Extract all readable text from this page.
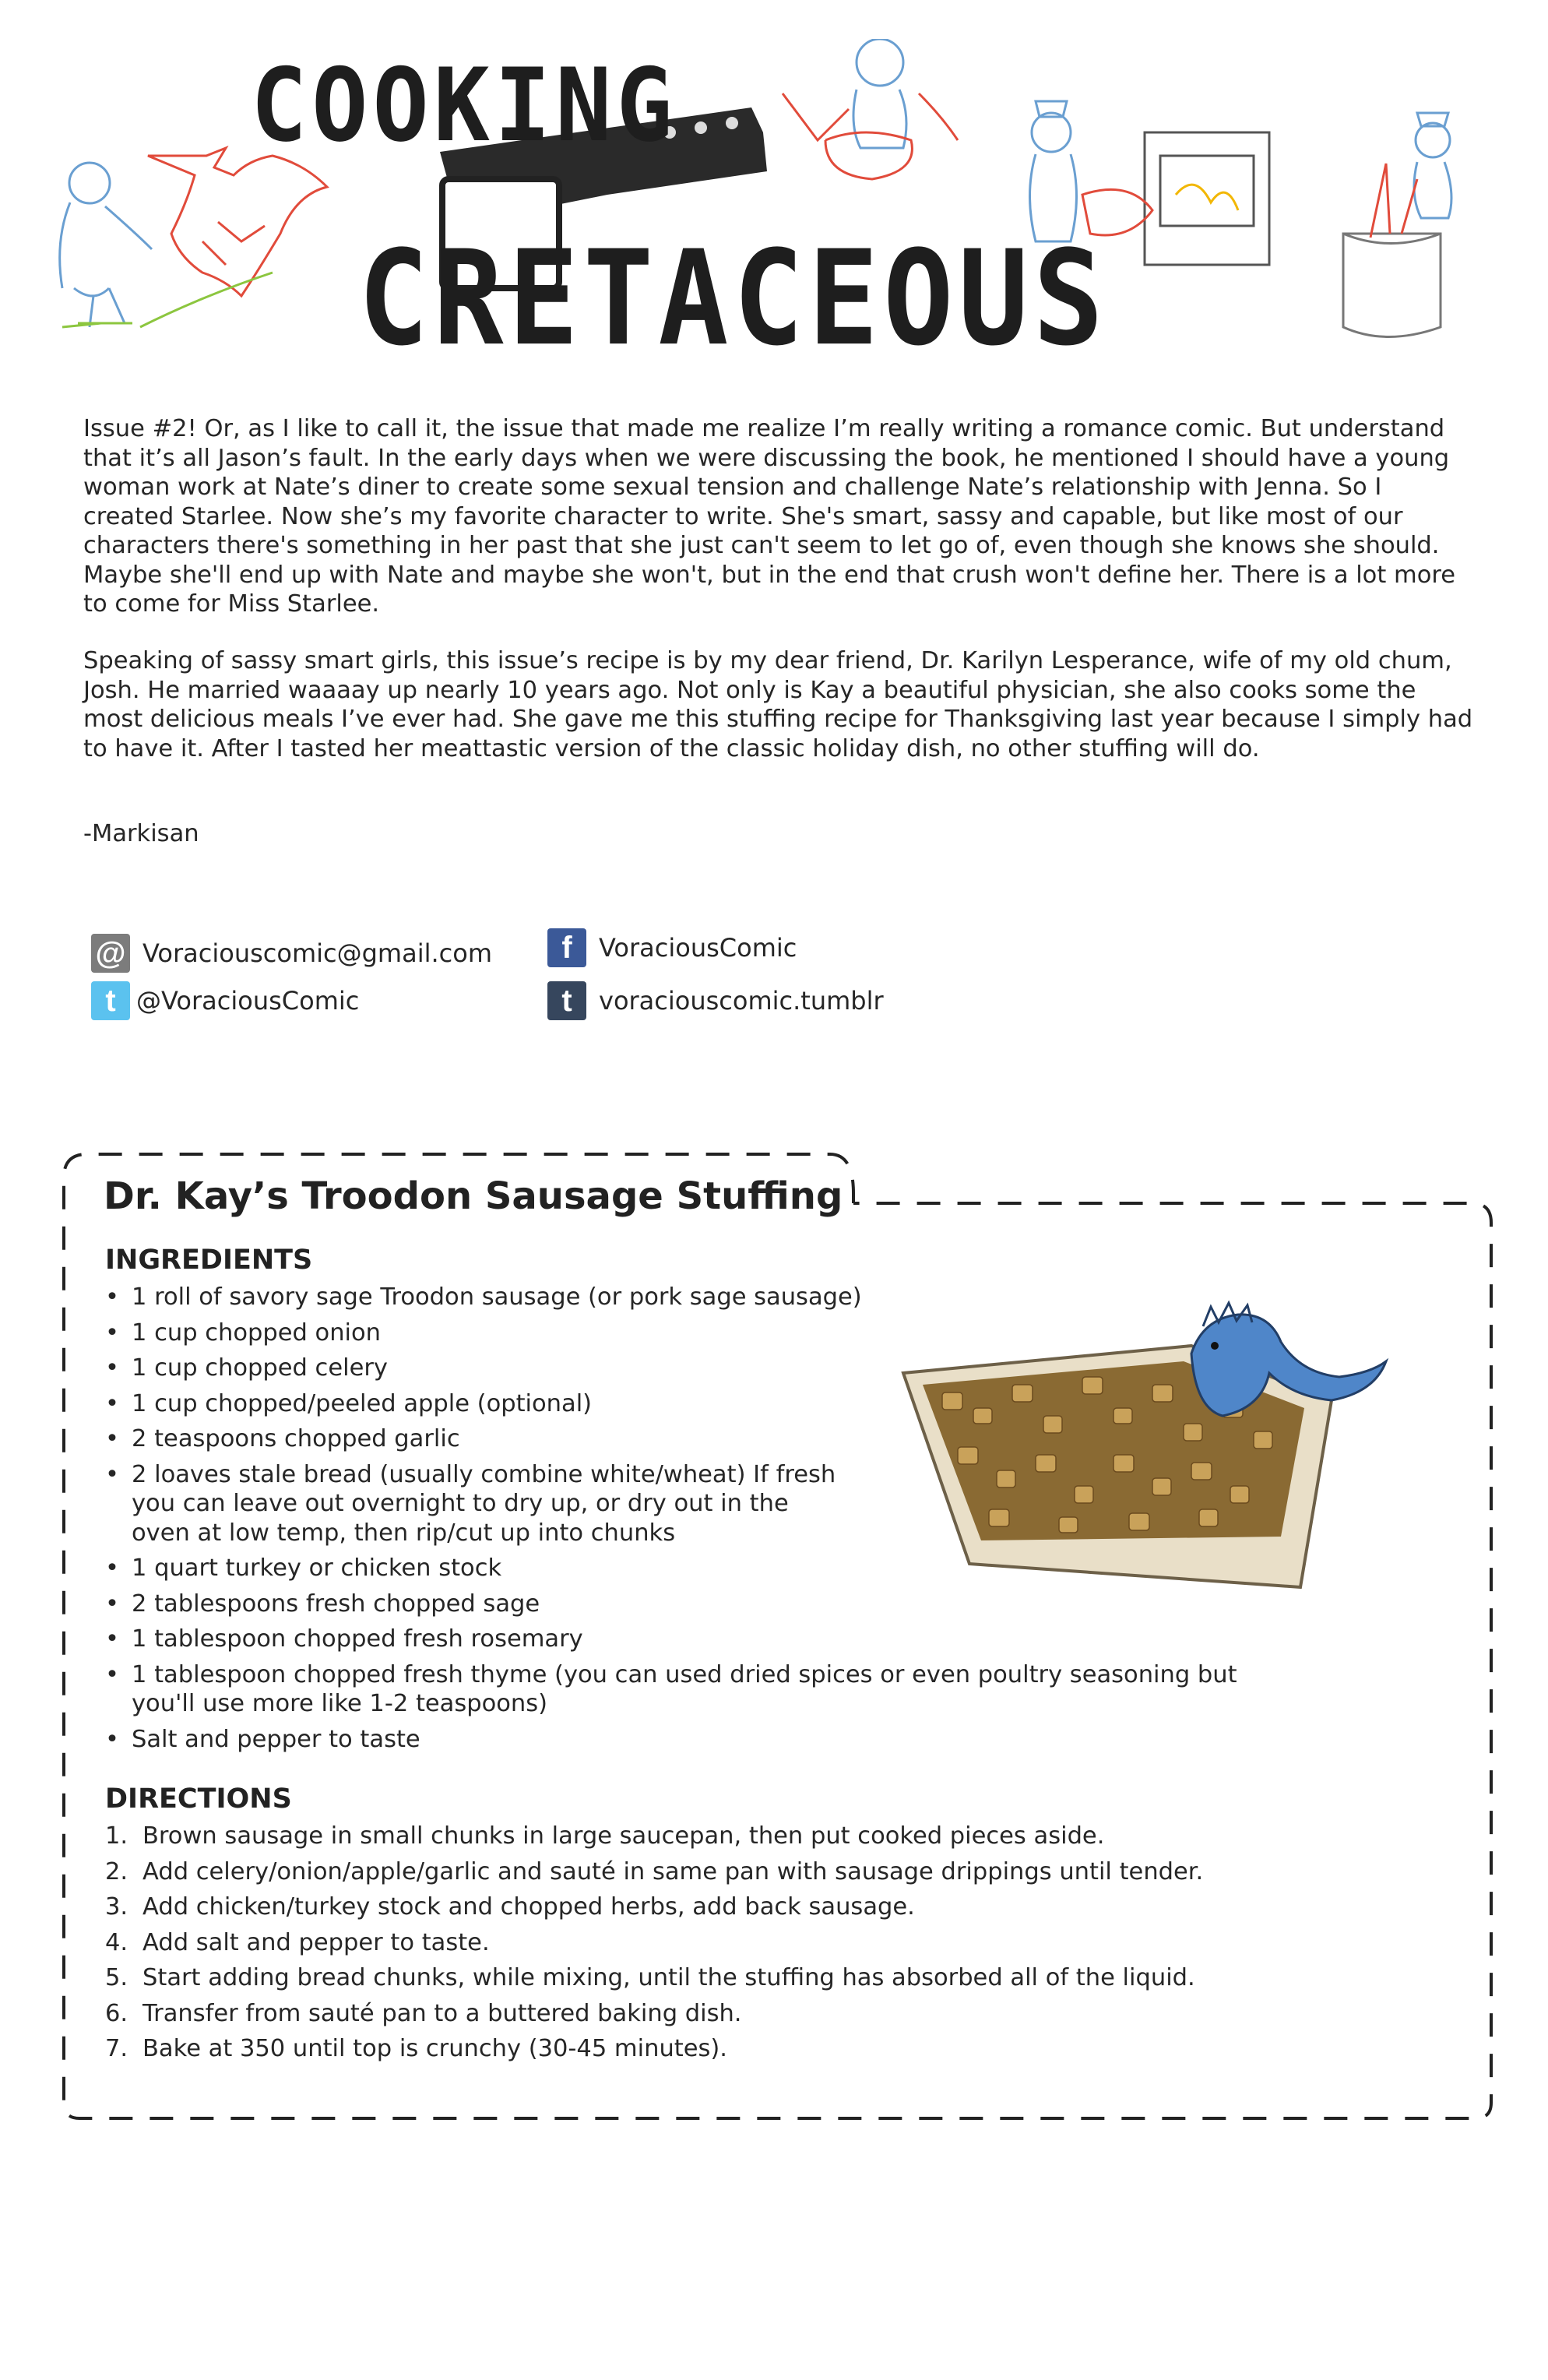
COOKING
CRETACEOUS

Issue #2! Or, as I like to call it, the issue that made me realize I’m really writing a romance comic. But understand that it’s all Jason’s fault. In the early days when we were discussing the book, he mentioned I should have a young woman work at Nate’s diner to create some sexual tension and challenge Nate’s relationship with Jenna. So I created Starlee. Now she’s my favorite character to write. She's smart, sassy and capable, but like most of our characters there's something in her past that she just can't seem to let go of, even though she knows she should. Maybe she'll end up with Nate and maybe she won't, but in the end that crush won't define her. There is a lot more to come for Miss Starlee.

Speaking of sassy smart girls, this issue’s recipe is by my dear friend, Dr. Karilyn Lesperance, wife of my old chum, Josh. He married waaaay up nearly 10 years ago. Not only is Kay a beautiful physician, she also cooks some the most delicious meals I’ve ever had. She gave me this stuffing recipe for Thanksgiving last year because I simply had to have it. After I tasted her meattastic version of the classic holiday dish, no other stuffing will do.

-Markisan

@ Voraciouscomic@gmail.com	f	VoraciousComic
t @VoraciousComic	t	voraciouscomic.tumblr
Dr. Kay’s Troodon Sausage Stuffing
INGREDIENTS
• 1 roll of savory sage Troodon sausage (or pork sage sausage)
• 1 cup chopped onion
• 1 cup chopped celery
• 1 cup chopped/peeled apple (optional)
• 2 teaspoons chopped garlic
• 2 loaves stale bread (usually combine white/wheat) If fresh you can leave out overnight to dry up, or dry out in the oven at low temp, then rip/cut up into chunks
• 1 quart turkey or chicken stock
• 2 tablespoons fresh chopped sage
• 1 tablespoon chopped fresh rosemary
• 1 tablespoon chopped fresh thyme (you can used dried spices or even poultry seasoning but you'll use more like 1-2 teaspoons)
• Salt and pepper to taste
DIRECTIONS
1. Brown sausage in small chunks in large saucepan, then put cooked pieces aside.
2. Add celery/onion/apple/garlic and sauté in same pan with sausage drippings until tender.
3. Add chicken/turkey stock and chopped herbs, add back sausage.
4. Add salt and pepper to taste.
5. Start adding bread chunks, while mixing, until the stuffing has absorbed all of the liquid.
6. Transfer from sauté pan to a buttered baking dish.
7. Bake at 350 until top is crunchy (30-45 minutes).
